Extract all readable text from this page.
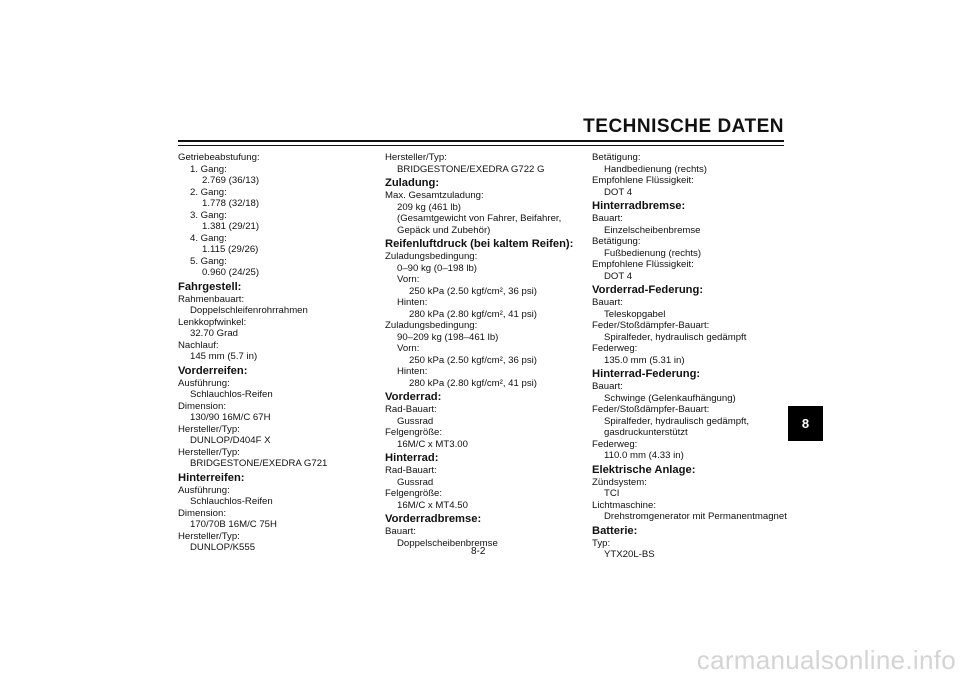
TECHNISCHE DATEN
Getriebeabstufung:
1. Gang:
2.769 (36/13)
2. Gang:
1.778 (32/18)
3. Gang:
1.381 (29/21)
4. Gang:
1.115 (29/26)
5. Gang:
0.960 (24/25)
Fahrgestell:
Rahmenbauart:
Doppelschleifenrohrrahmen
Lenkkopfwinkel:
32.70 Grad
Nachlauf:
145 mm (5.7 in)
Vorderreifen:
Ausführung:
Schlauchlos-Reifen
Dimension:
130/90 16M/C 67H
Hersteller/Typ:
DUNLOP/D404F X
Hersteller/Typ:
BRIDGESTONE/EXEDRA G721
Hinterreifen:
Ausführung:
Schlauchlos-Reifen
Dimension:
170/70B 16M/C 75H
Hersteller/Typ:
DUNLOP/K555
Hersteller/Typ:
BRIDGESTONE/EXEDRA G722 G
Zuladung:
Max. Gesamtzuladung:
209 kg (461 lb)
(Gesamtgewicht von Fahrer, Beifahrer,
Gepäck und Zubehör)
Reifenluftdruck (bei kaltem Reifen):
Zuladungsbedingung:
0–90 kg (0–198 lb)
Vorn:
250 kPa (2.50 kgf/cm², 36 psi)
Hinten:
280 kPa (2.80 kgf/cm², 41 psi)
Zuladungsbedingung:
90–209 kg (198–461 lb)
Vorn:
250 kPa (2.50 kgf/cm², 36 psi)
Hinten:
280 kPa (2.80 kgf/cm², 41 psi)
Vorderrad:
Rad-Bauart:
Gussrad
Felgengröße:
16M/C x MT3.00
Hinterrad:
Rad-Bauart:
Gussrad
Felgengröße:
16M/C x MT4.50
Vorderradbremse:
Bauart:
Doppelscheibenbremse
Betätigung:
Handbedienung (rechts)
Empfohlene Flüssigkeit:
DOT 4
Hinterradbremse:
Bauart:
Einzelscheibenbremse
Betätigung:
Fußbedienung (rechts)
Empfohlene Flüssigkeit:
DOT 4
Vorderrad-Federung:
Bauart:
Teleskopgabel
Feder/Stoßdämpfer-Bauart:
Spiralfeder, hydraulisch gedämpft
Federweg:
135.0 mm (5.31 in)
Hinterrad-Federung:
Bauart:
Schwinge (Gelenkaufhängung)
Feder/Stoßdämpfer-Bauart:
Spiralfeder, hydraulisch gedämpft,
gasdruckunterstützt
Federweg:
110.0 mm (4.33 in)
Elektrische Anlage:
Zündsystem:
TCI
Lichtmaschine:
Drehstromgenerator mit Permanentmagnet
Batterie:
Typ:
YTX20L-BS
8-2
8
carmanualsonline.info
